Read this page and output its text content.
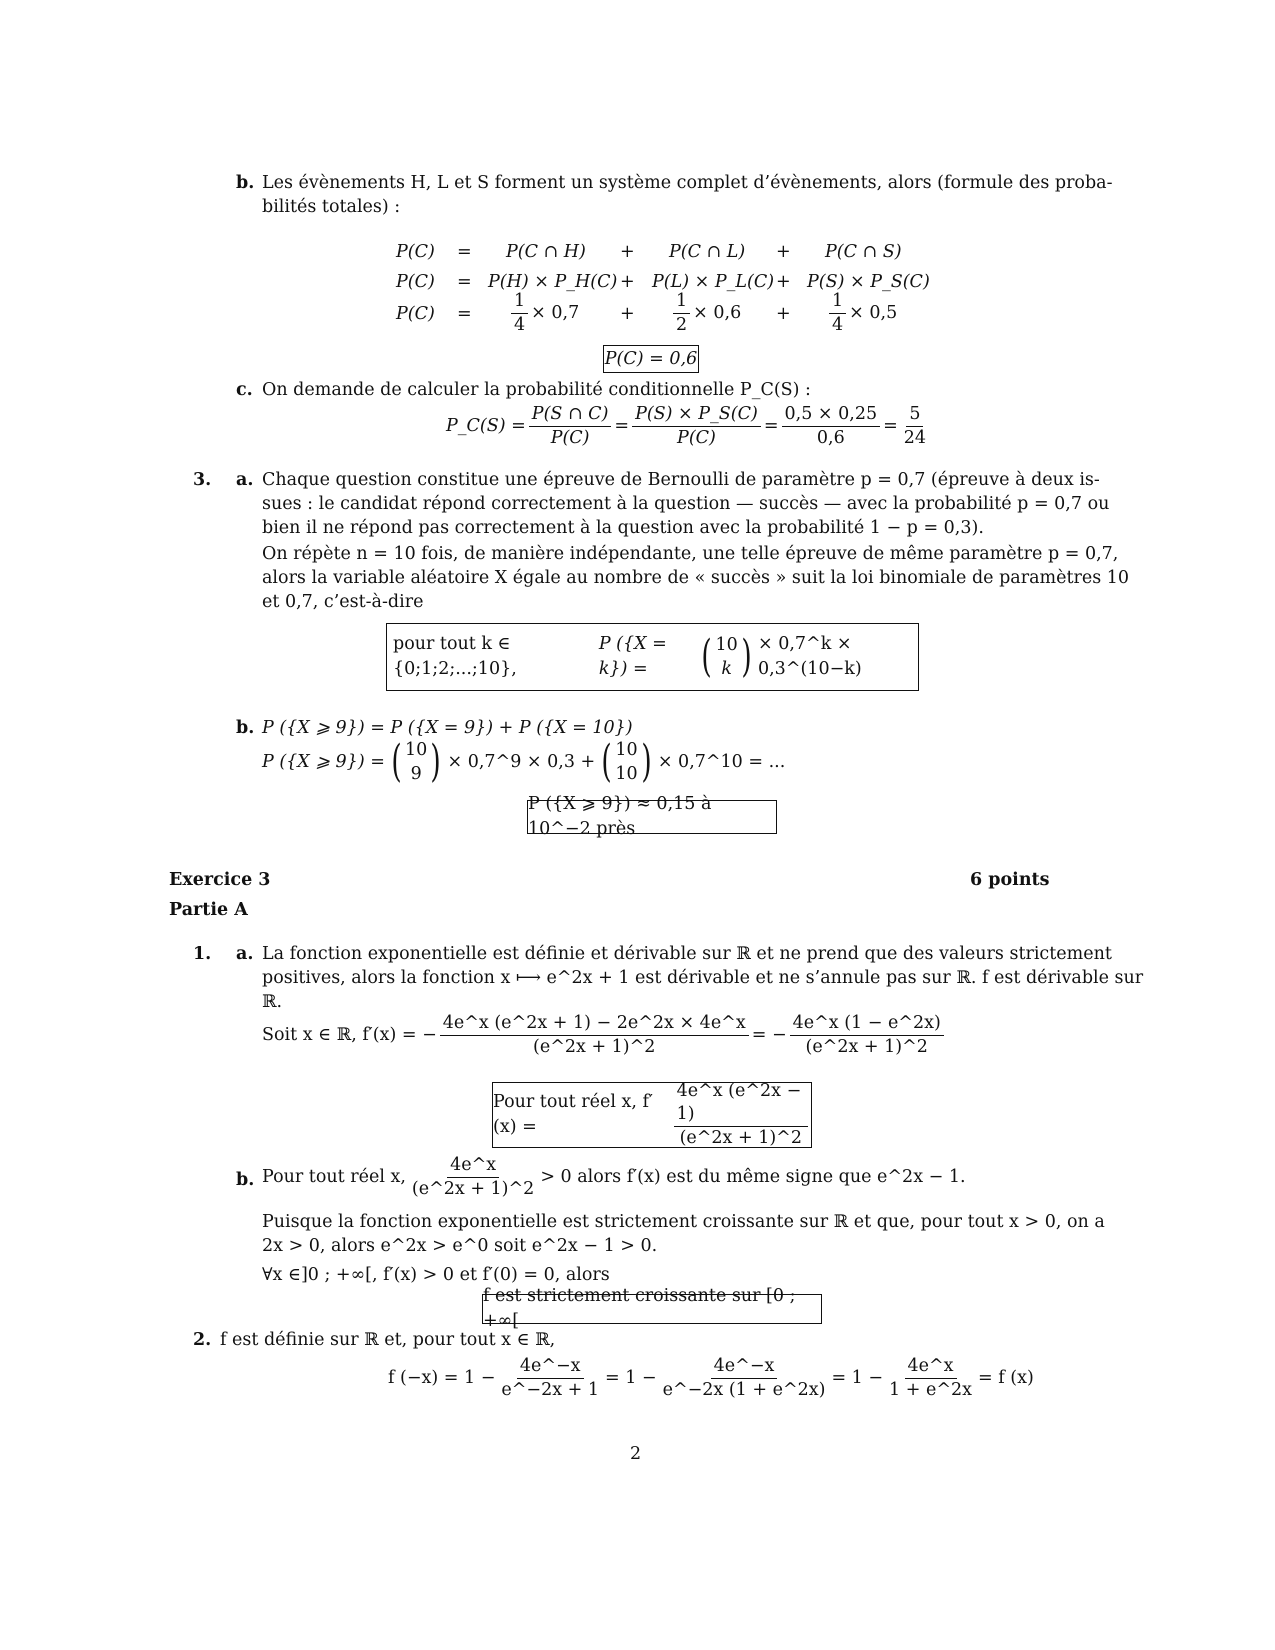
b. Les évènements H, L et S forment un système complet d’évènements, alors (formule des proba-
bilités totales) :
P(C) = P(C ∩ H) + P(C ∩ L) + P(C ∩ S)
P(C) = P(H) × P_H(C) + P(L) × P_L(C) + P(S) × P_S(C)
$P(C) = \frac{1}{4} \times 0,7 + \frac{1}{2} \times 0,6 + \frac{1}{4} \times 0,5$
P(C) = 0,6
c. On demande de calculer la probabilité conditionnelle P_C(S) :
P_C(S) = $\frac{P(S \cap C)}{P(C)} = \frac{P(S) \times P\_S(C)}{P(C)} = \frac{0,5 \times 0,25}{0,6} = \frac{5}{24}$
3. a. Chaque question constitue une épreuve de Bernoulli de paramètre p = 0,7 (épreuve à deux is-
sues : le candidat répond correctement à la question — succès — avec la probabilité p = 0,7 ou
bien il ne répond pas correctement à la question avec la probabilité 1 − p = 0,3).
On répète n = 10 fois, de manière indépendante, une telle épreuve de même paramètre p = 0,7,
alors la variable aléatoire X égale au nombre de « succès » suit la loi binomiale de paramètres 10
et 0,7, c’est-à-dire
pour tout k ∈ {0;1;2;...;10},
P ({X = k}) =	( 10
k ) × 0,7^k × 0,3^(10−k)
b. P ({X ⩾ 9}) = P ({X = 9}) + P ({X = 10})
P ({X ⩾ 9}) = ( 10
9 ) × 0,7^9 × 0,3 + ( 10
10 ) × 0,7^10 = ...
P ({X ⩾ 9}) ≈ 0,15 à 10^−2 près
Exercice 3	6 points
Partie A
1. a. La fonction exponentielle est définie et dérivable sur ℝ et ne prend que des valeurs strictement
positives, alors la fonction x ⟼ e^2x + 1 est dérivable et ne s’annule pas sur ℝ. f est dérivable sur
ℝ.
Soit x ∈ ℝ, f′(x) = − $\frac{4e\^{}x (e\^{}2x + 1) - 2e\^{}2x \times 4e\^{}x}{(e\^{}2x + 1)\^{}2}$ = − $\frac{4e\^{}x (1 - e\^{}2x)}{(e\^{}2x + 1)\^{}2}$
Pour tout réel x, f′(x) =	$\frac{4e\^{}x (e\^{}2x - 1)}{(e\^{}2x + 1)\^{}2}$
b. Pour tout réel x, $\frac{4e\^{}x}{(e\^{}2x + 1)\^{}2} > 0$ alors f′(x) est du même signe que e^2x − 1.
Puisque la fonction exponentielle est strictement croissante sur ℝ et que, pour tout x > 0, on a
2x > 0, alors e^2x > e^0 soit e^2x − 1 > 0.
∀x ∈]0 ; +∞[, f′(x) > 0 et f′(0) = 0, alors
f est strictement croissante sur [0 ; +∞[
2. f est définie sur ℝ et, pour tout x ∈ ℝ,
f $(-x) = 1 - \frac{4e\^{}-x}{e\^{}-2x + 1} = 1 - \frac{4e\^{}-x}{e\^{}-2x (1 + e\^{}2x)} = 1 - \frac{4e\^{}x}{1 + e\^{}2x} = f$ (x)
2
